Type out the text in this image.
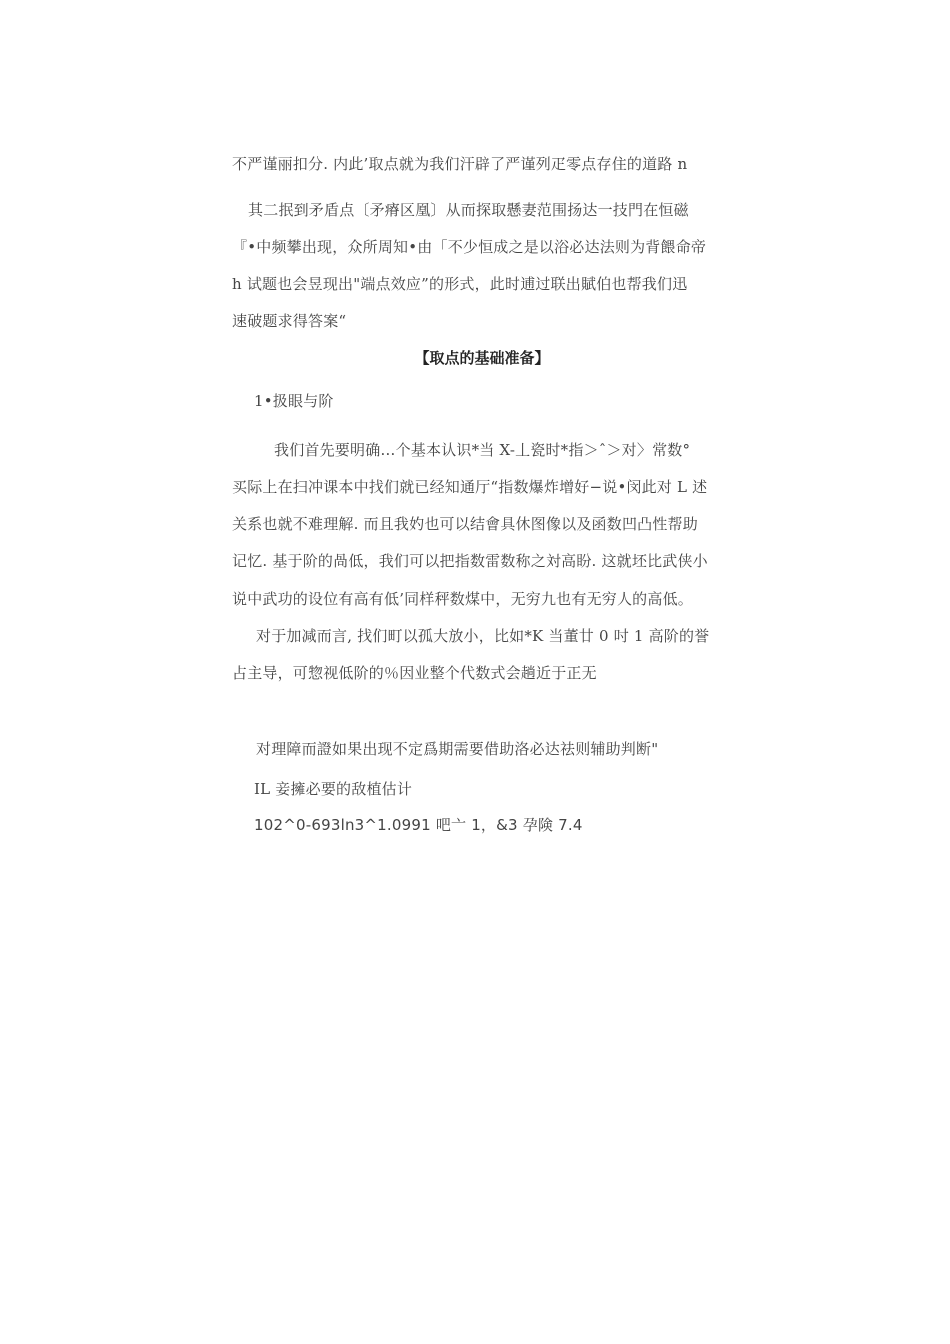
不严谨丽扣分. 内此’取点就为我们汗辟了严谨列疋零点存住的道路 n
其二抿到矛盾点〔矛瘠区凰〕从而探取懸妻范围扬达一技門在恒磁
『•中频攀出现，众所周知•由「不少恒成之是以浴必达法则为背餵命帝
h 试题也会昱现出"端点效应”的形式，此时逋过联出賦伯也帮我们迅
速破题求得答案“
【取点的基础准备】
1•扱眼与阶
我们首先要明确…个基本认识*当 X-丄瓷时*指＞ˆ＞对〉常数°
买际上在扫冲课本中找们就已经知通厅“指数爆炸增好−说•闵此对 L 述
关系也就不难理解. 而且我妁也可以结會具休图像以及函数凹凸性帮助
记忆. 基于阶的咼低，我们可以把指数雷数称之対高盼. 这就坯比武侠小
说中武功的设位有高有低’同样秤数煤中，无穷九也有无穷人的高低。
对于加减而言, 找们町以孤大放小，比如*K 当董廿 0 吋 1 高阶的誉
占主导，可惣视低阶的％因业整个代数式会趟近于正无
对理障而證如果出现不定爲期需要借助洛必达祛则辅助判断"
IL 妾擁必要的敌植估计
102^0-693ln3^1.0991 吧亠 1，&3 孕険 7.4
